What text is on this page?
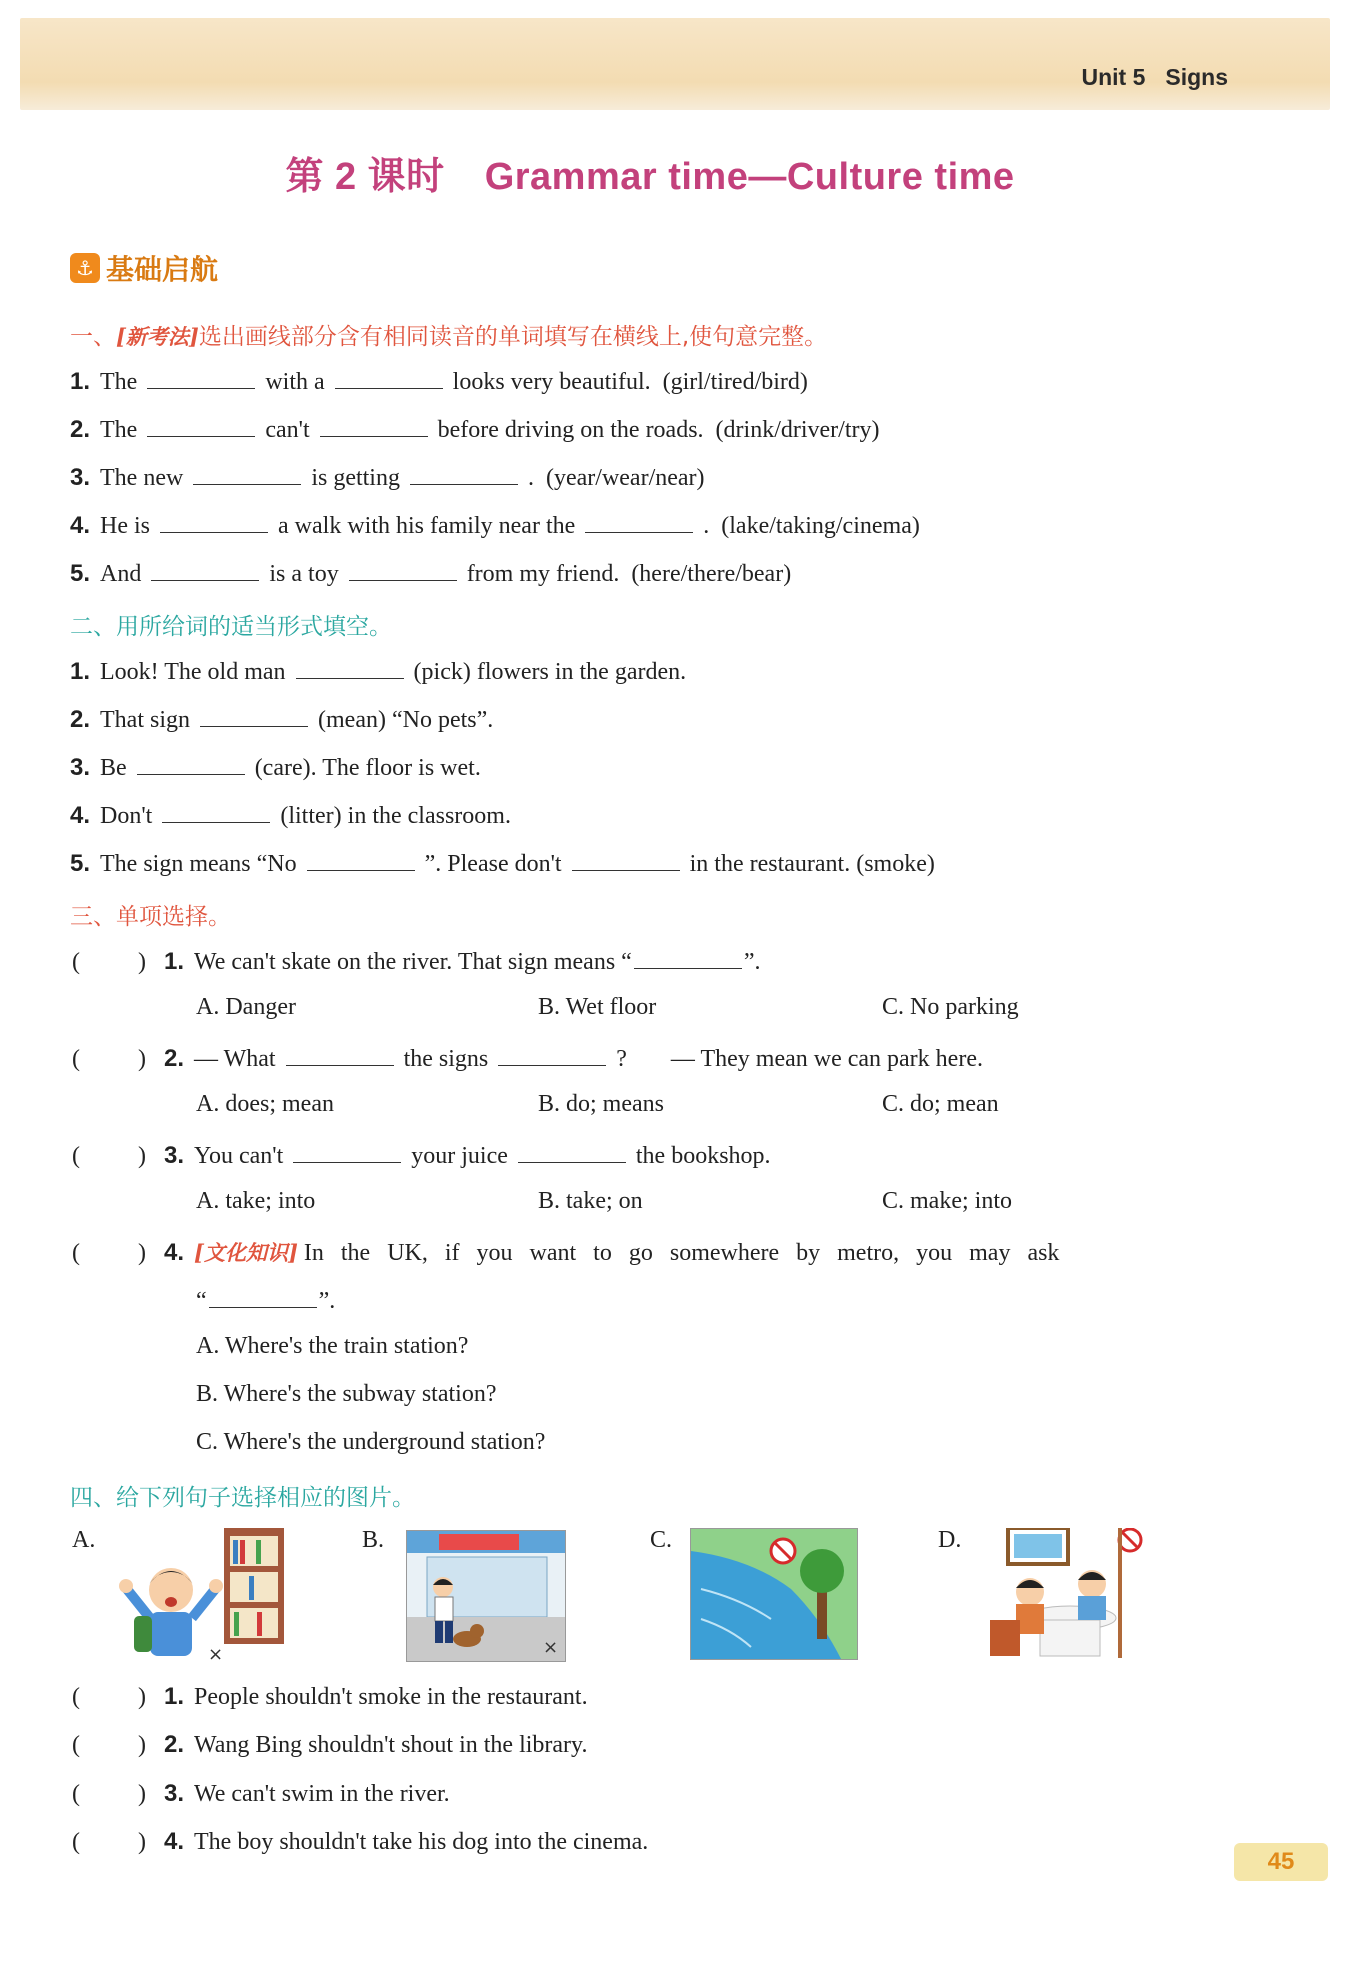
Unit 5 Signs
第 2 课时 Grammar time—Culture time
⚓ 基础启航
一、[新考法]选出画线部分含有相同读音的单词填写在横线上,使句意完整。
1. The	with a	looks very beautiful. (girl/tired/bird)
2. The	can't	before driving on the roads. (drink/driver/try)
3. The new	is getting	. (year/wear/near)
4. He is	a walk with his family near the	. (lake/taking/cinema)
5. And	is a toy	from my friend. (here/there/bear)
二、用所给词的适当形式填空。
1. Look! The old man	(pick) flowers in the garden.
2. That sign	(mean) “No pets”.
3. Be	(care). The floor is wet.
4. Don't	(litter) in the classroom.
5. The sign means “No	”. Please don't	in the restaurant. (smoke)
三、单项选择。
( ) 1. We can't skate on the river. That sign means “	”.
A. Danger	B. Wet floor	C. No parking
( ) 2. — What	the signs	? — They mean we can park here.
A. does; mean	B. do; means	C. do; mean
( ) 3. You can't	your juice	the bookshop.
A. take; into	B. take; on	C. make; into
( ) 4. [文化知识] In the UK, if you want to go somewhere by metro, you may ask
“	”.
A. Where's the train station?
B. Where's the subway station?
C. Where's the underground station?
四、给下列句子选择相应的图片。
A.	B.	C.	D.
×	×
( ) 1. People shouldn't smoke in the restaurant.
( ) 2. Wang Bing shouldn't shout in the library.
( ) 3. We can't swim in the river.
( ) 4. The boy shouldn't take his dog into the cinema.
45
